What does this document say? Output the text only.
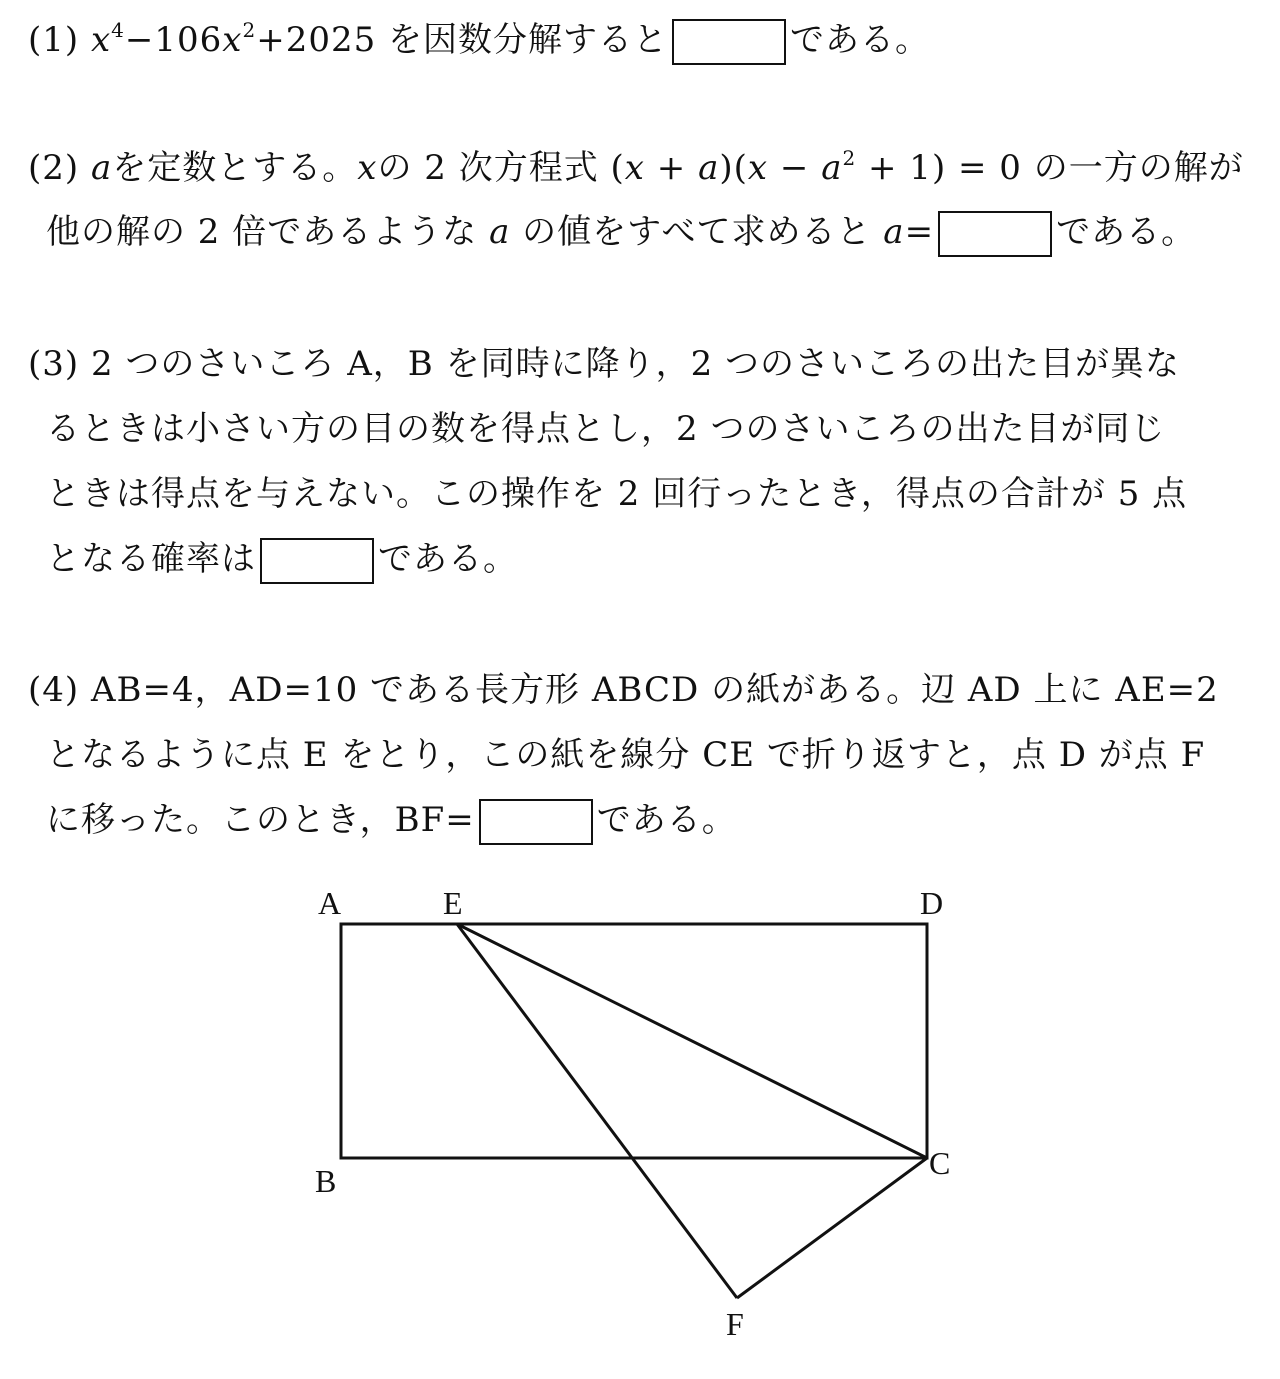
(1) $x^4-106x^2+2025$ を因数分解すると	である。
(2) aを定数とする。xの 2 次方程式 $(x + a)(x - a^2 + 1) = 0$ の一方の解が
他の解の 2 倍であるような a の値をすべて求めると a=	である。
(3) 2 つのさいころ A，B を同時に降り，2 つのさいころの出た目が異な
るときは小さい方の目の数を得点とし，2 つのさいころの出た目が同じ
ときは得点を与えない。この操作を 2 回行ったとき，得点の合計が 5 点
となる確率は	である。
(4) AB=4，AD=10 である長方形 ABCD の紙がある。辺 AD 上に AE=2
となるように点 E をとり，この紙を線分 CE で折り返すと，点 D が点 F
に移った。このとき，BF=	である。
A	E	D
B	C
F
